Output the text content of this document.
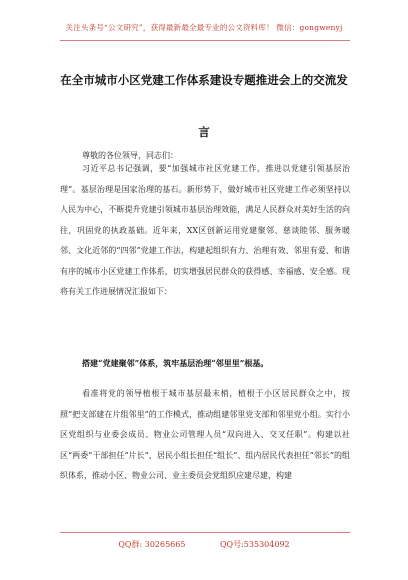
关注头条号“公文研究”，获得最新最全最专业的公文资料库！ 微信：gongwenyj
在全市城市小区党建工作体系建设专题推进会上的交流发
言
尊敬的各位领导，同志们：
习近平总书记强调，要“加强城市社区党建工作，推进以党建引领基层治理”。基层治理是国家治理的基石。新形势下，做好城市社区党建工作必须坚持以人民为中心，不断提升党建引领城市基层治理效能，满足人民群众对美好生活的向往，巩固党的执政基础。近年来，XX区创新运用党建聚邻、慈谈睦邻、服务暖邻、文化近邻的“四邻”党建工作法，构建起组织有力、治理有效、邻里有爱、和谐有序的城市小区党建工作体系，切实增强居民群众的获得感、幸福感、安全感。现将有关工作进展情况汇报如下：
搭建“党建聚邻”体系，筑牢基层治理“邻里里”根基。
看准将党的领导植根于城市基层最末梢，植根于小区居民群众之中，按照“把支部建在片组邻里”的工作模式，推动组建邻里党支部和邻里党小组。实行小区党组织与业委会成员、物业公司管理人员“双向进入、交叉任职”。构建以社区“两委”干部担任“片长”、居民小组长担任“组长”、组内居民代表担任“邻长”的组织体系，推动小区、物业公司、业主委员会党组织应建尽建，构建
QQ群: 30265665	QQ号:535304092
